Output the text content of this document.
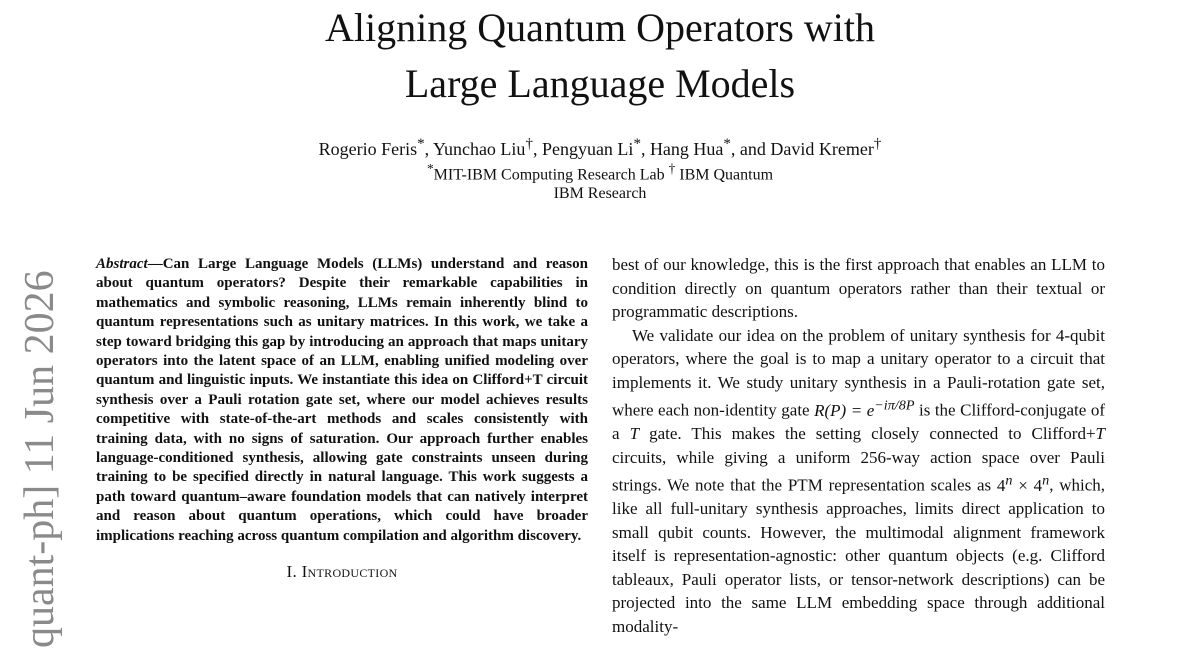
Aligning Quantum Operators with
Large Language Models
Rogerio Feris*, Yunchao Liu†, Pengyuan Li*, Hang Hua*, and David Kremer†
*MIT-IBM Computing Research Lab † IBM Quantum
IBM Research
quant-ph] 11 Jun 2026

Abstract—Can Large Language Models (LLMs) understand and reason about quantum operators? Despite their remarkable capabilities in mathematics and symbolic reasoning, LLMs remain inherently blind to quantum representations such as unitary matrices. In this work, we take a step toward bridging this gap by introducing an approach that maps unitary operators into the latent space of an LLM, enabling unified modeling over quantum and linguistic inputs. We instantiate this idea on Clifford+T circuit synthesis over a Pauli rotation gate set, where our model achieves results competitive with state-of-the-art methods and scales consistently with training data, with no signs of saturation. Our approach further enables language-conditioned synthesis, allowing gate constraints unseen during training to be specified directly in natural language. This work suggests a path toward quantum–aware foundation models that can natively interpret and reason about quantum operations, which could have broader implications reaching across quantum compilation and algorithm discovery.

I. Introduction

best of our knowledge, this is the first approach that enables an LLM to condition directly on quantum operators rather than their textual or programmatic descriptions.

We validate our idea on the problem of unitary synthesis for 4-qubit operators, where the goal is to map a unitary operator to a circuit that implements it. We study unitary synthesis in a Pauli-rotation gate set, where each non-identity gate $R(P) = e^{-i\pi/8P}$ is the Clifford-conjugate of a T gate. This makes the setting closely connected to Clifford+T circuits, while giving a uniform 256-way action space over Pauli strings. We note that the PTM representation scales as $4^n \times 4^n$, which, like all full-unitary synthesis approaches, limits direct application to small qubit counts. However, the multimodal alignment framework itself is representation-agnostic: other quantum objects (e.g. Clifford tableaux, Pauli operator lists, or tensor-network descriptions) can be projected into the same LLM embedding space through additional modality-
